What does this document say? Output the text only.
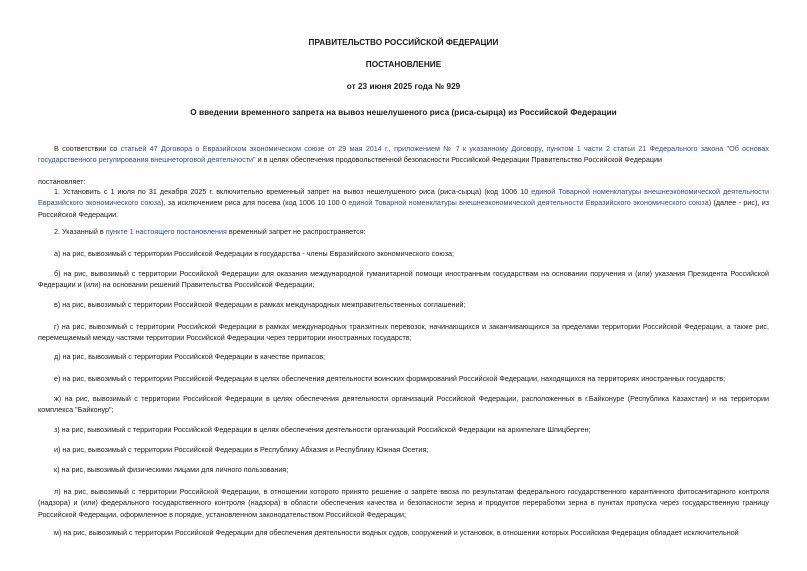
ПРАВИТЕЛЬСТВО РОССИЙСКОЙ ФЕДЕРАЦИИ
ПОСТАНОВЛЕНИЕ
от 23 июня 2025 года № 929
О введении временного запрета на вывоз нешелушеного риса (риса-сырца) из Российской Федерации
В соответствии со статьей 47 Договора о Евразийском экономическом союзе от 29 мая 2014 г., приложением № 7 к указанному Договору, пунктом 1 части 2 статьи 21 Федерального закона "Об основах государственного регулирования внешнеторговой деятельности" и в целях обеспечения продовольственной безопасности Российской Федерации Правительство Российской Федерации
постановляет:
1. Установить с 1 июля по 31 декабря 2025 г. включительно временный запрет на вывоз нешелушеного риса (риса-сырца) (код 1006 10 единой Товарной номенклатуры внешнеэкономической деятельности Евразийского экономического союза), за исключением риса для посева (код 1006 10 100 0 единой Товарной номенклатуры внешнеэкономической деятельности Евразийского экономического союза) (далее - рис), из Российской Федерации.
2. Указанный в пункте 1 настоящего постановления временный запрет не распространяется:
а) на рис, вывозимый с территории Российской Федерации в государства - члены Евразийского экономического союза;
б) на рис, вывозимый с территории Российской Федерации для оказания международной гуманитарной помощи иностранным государствам на основании поручения и (или) указания Президента Российской Федерации и (или) на основании решений Правительства Российской Федерации;
в) на рис, вывозимый с территории Российской Федерации в рамках международных межправительственных соглашений;
г) на рис, вывозимый с территории Российской Федерации в рамках международных транзитных перевозок, начинающихся и заканчивающихся за пределами территории Российской Федерации, а также рис, перемещаемый между частями территории Российской Федерации через территории иностранных государств;
д) на рис, вывозимый с территории Российской Федерации в качестве припасов;
е) на рис, вывозимый с территории Российской Федерации в целях обеспечения деятельности воинских формирований Российской Федерации, находящихся на территориях иностранных государств;
ж) на рис, вывозимый с территории Российской Федерации в целях обеспечения деятельности организаций Российской Федерации, расположенных в г.Байконуре (Республика Казахстан) и на территории комплекса "Байконур";
з) на рис, вывозимый с территории Российской Федерации в целях обеспечения деятельности организаций Российской Федерации на архипелаге Шпицберген;
и) на рис, вывозимый с территории Российской Федерации в Республику Абхазия и Республику Южная Осетия;
к) на рис, вывозимый физическими лицами для личного пользования;
л) на рис, вывозимый с территории Российской Федерации, в отношении которого принято решение о запрете ввоза по результатам федерального государственного карантинного фитосанитарного контроля (надзора) и (или) федерального государственного контроля (надзора) в области обеспечения качества и безопасности зерна и продуктов переработки зерна в пунктах пропуска через государственную границу Российской Федерации, оформленное в порядке, установленном законодательством Российской Федерации;
м) на рис, вывозимый с территории Российской Федерации для обеспечения деятельности водных судов, сооружений и установок, в отношении которых Российская Федерация обладает исключительной
